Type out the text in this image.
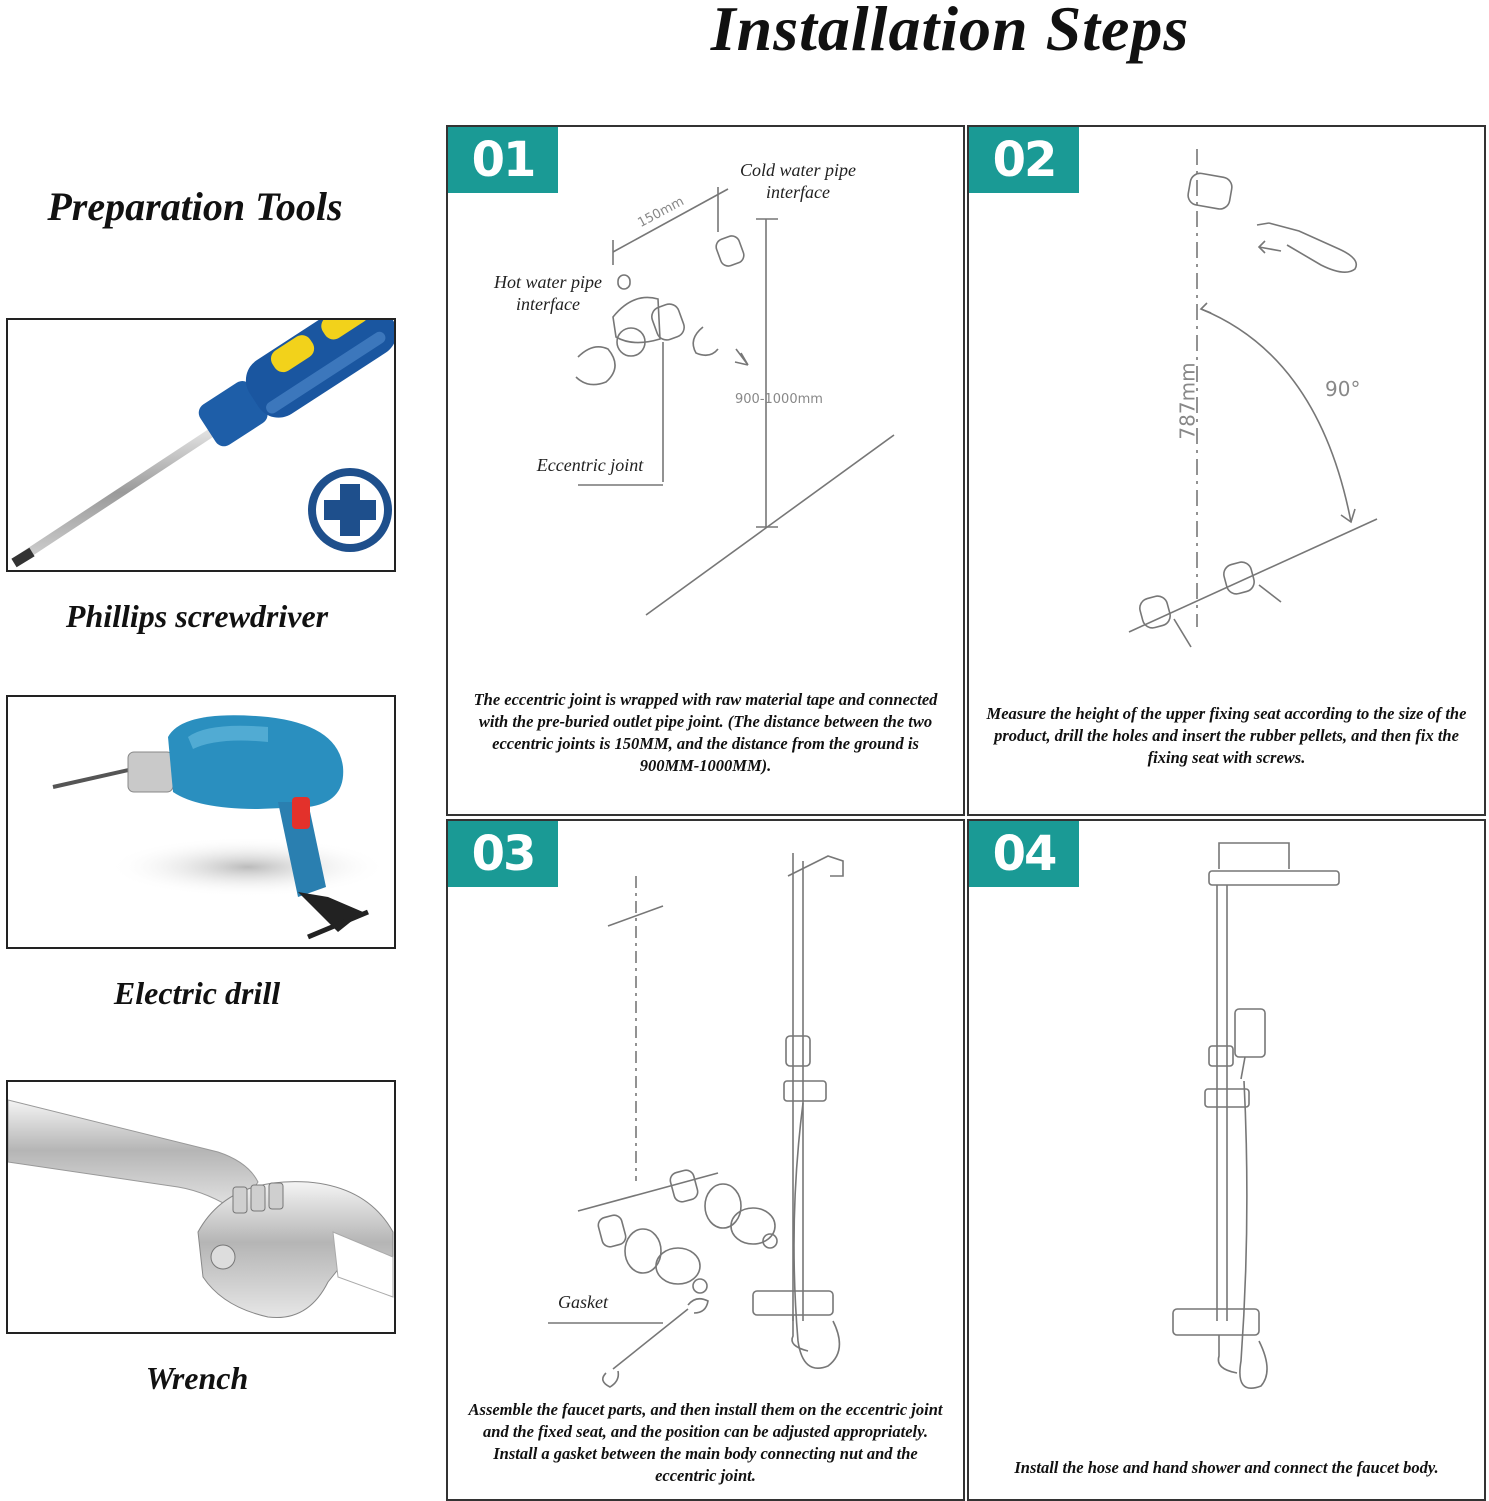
Installation Steps
Preparation Tools
Phillips screwdriver
Electric drill
Wrench
01	Cold water pipe interface
Hot water pipe interface
Eccentric joint
150mm
900-1000mm
The eccentric joint is wrapped with raw material tape and connected with the pre-buried outlet pipe joint. (The distance between the two eccentric joints is 150MM, and the distance from the ground is 900MM-1000MM).
02
787mm	90°
Measure the height of the upper fixing seat according to the size of the product, drill the holes and insert the rubber pellets, and then fix the fixing seat with screws.
03
Gasket
Assemble the faucet parts, and then install them on the eccentric joint and the fixed seat, and the position can be adjusted appropriately. Install a gasket between the main body connecting nut and the eccentric joint.
04
Install the hose and hand shower and connect the faucet body.
